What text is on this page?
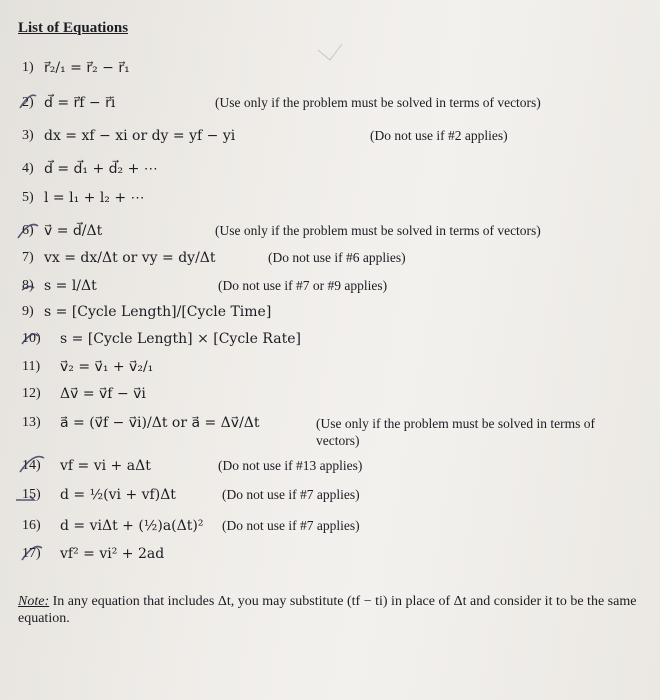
List of Equations
1) r⃗₂/₁ = r⃗₂ − r⃗₁
2) d⃗ = r⃗f − r⃗i	(Use only if the problem must be solved in terms of vectors)
3) dx = xf − xi or dy = yf − yi	(Do not use if #2 applies)
4) d⃗ = d⃗₁ + d⃗₂ + ⋯
5) l = l₁ + l₂ + ⋯
6) v⃗ = d⃗/Δt	(Use only if the problem must be solved in terms of vectors)
7) vx = dx/Δt or vy = dy/Δt	(Do not use if #6 applies)
8) s = l/Δt	(Do not use if #7 or #9 applies)
9) s = [Cycle Length]/[Cycle Time]
10) s = [Cycle Length] × [Cycle Rate]
11) v⃗₂ = v⃗₁ + v⃗₂/₁
12) Δv⃗ = v⃗f − v⃗i
13) a⃗ = (v⃗f − v⃗i)/Δt or a⃗ = Δv⃗/Δt	(Use only if the problem must be solved in terms of vectors)
14) vf = vi + aΔt	(Do not use if #13 applies)
15) d = ½(vi + vf)Δt	(Do not use if #7 applies)
16) d = viΔt + (½)a(Δt)² (Do not use if #7 applies)
17) vf² = vi² + 2ad
Note: In any equation that includes Δt, you may substitute (tf − ti) in place of Δt and consider it to be the same equation.
